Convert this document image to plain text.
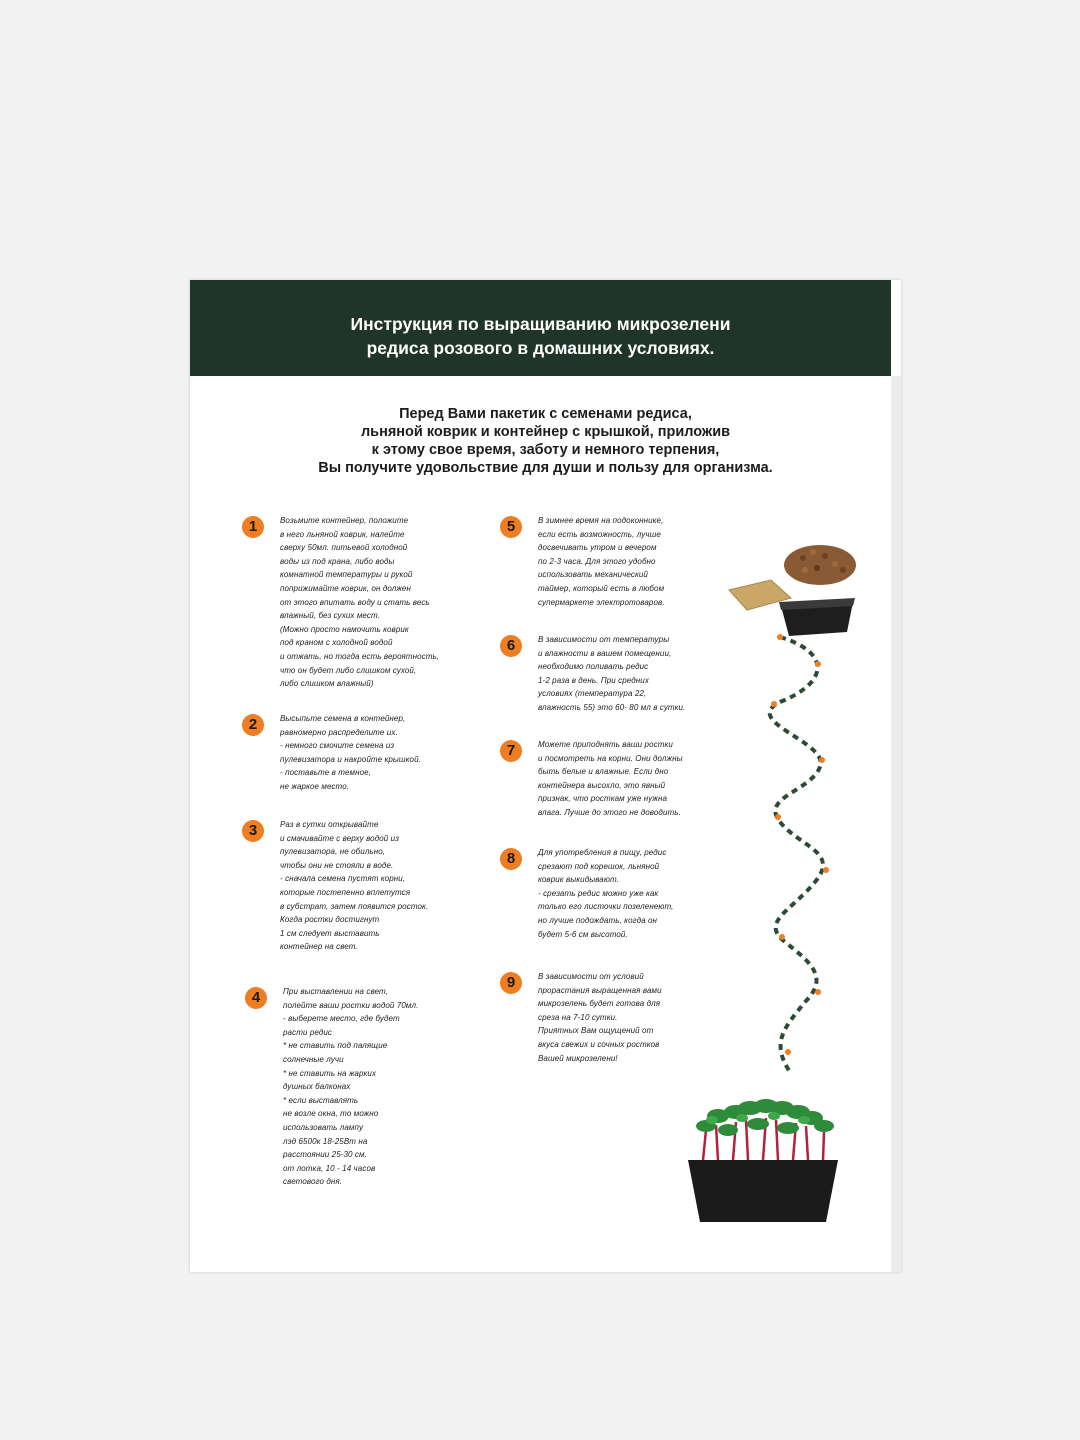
Инструкция по выращиванию микрозелени
редиса розового в домашних условиях.
Перед Вами пакетик с семенами редиса,
льняной коврик и контейнер с крышкой, приложив
к этому свое время, заботу и немного терпения,
Вы получите удовольствие для души и пользу для организма.
1	Возьмите контейнер, положите
в него льняной коврик, налейте
сверху 50мл. питьевой холодной
воды из под крана, либо воды
комнатной температуры и рукой
поприжимайте коврик, он должен
от этого впитать воду и стать весь
влажный, без сухих мест.
(Можно просто намочить коврик
под краном с холодной водой
и отжать, но тогда есть вероятность,
что он будет либо слишком сухой,
либо слишком влажный)
2	Высыпьте семена в контейнер,
равномерно распределите их.
- немного смочите семена из
пулевизатора и накройте крышкой.
- поставьте в темное,
не жаркое место.
3	Раз в сутки открывайте
и смачивайте с верху водой из
пулевизатора, не обильно,
чтобы они не стояли в воде.
- сначала семена пустят корни,
которые постепенно вплетутся
в субстрат, затем появится росток.
Когда ростки достигнут
1 см следует выставить
контейнер на свет.
4	При выставлении на свет,
полейте ваши ростки водой 70мл.
- выберете место, где будет
расти редис
* не ставить под палящие
солнечные лучи
* не ставить на жарких
душных балконах
* если выставлять
не возле окна, то можно
использовать лампу
лэд 6500к 18-25Вт на
расстоянии 25-30 см.
от лотка, 10 - 14 часов
светового дня.
5	В зимнее время на подоконнике,
если есть возможность, лучше
досвечивать утром и вечером
по 2-3 часа. Для этого удобно
использовать механический
таймер, который есть в любом
супермаркете электротоваров.
6	В зависимости от температуры
и влажности в вашем помещении,
необходимо поливать редис
1-2 раза в день. При средних
условиях (температура 22,
влажность 55) это 60- 80 мл в сутки.
7	Можете приподнять ваши ростки
и посмотреть на корни. Они должны
быть белые и влажные. Если дно
контейнера высохло, это явный
признак, что росткам уже нужна
влага. Лучше до этого не доводить.
8	Для употребления в пищу, редис
срезают под корешок, льняной
коврик выкидывают.
- срезать редис можно уже как
только его листочки позеленеют,
но лучше подождать, когда он
будет 5-6 см высотой.
9	В зависимости от условий
прорастания выращенная вами
микрозелень будет готова для
среза на 7-10 сутки.
Приятных Вам ощущений от
вкуса свежих и сочных ростков
Вашей микрозелени!
